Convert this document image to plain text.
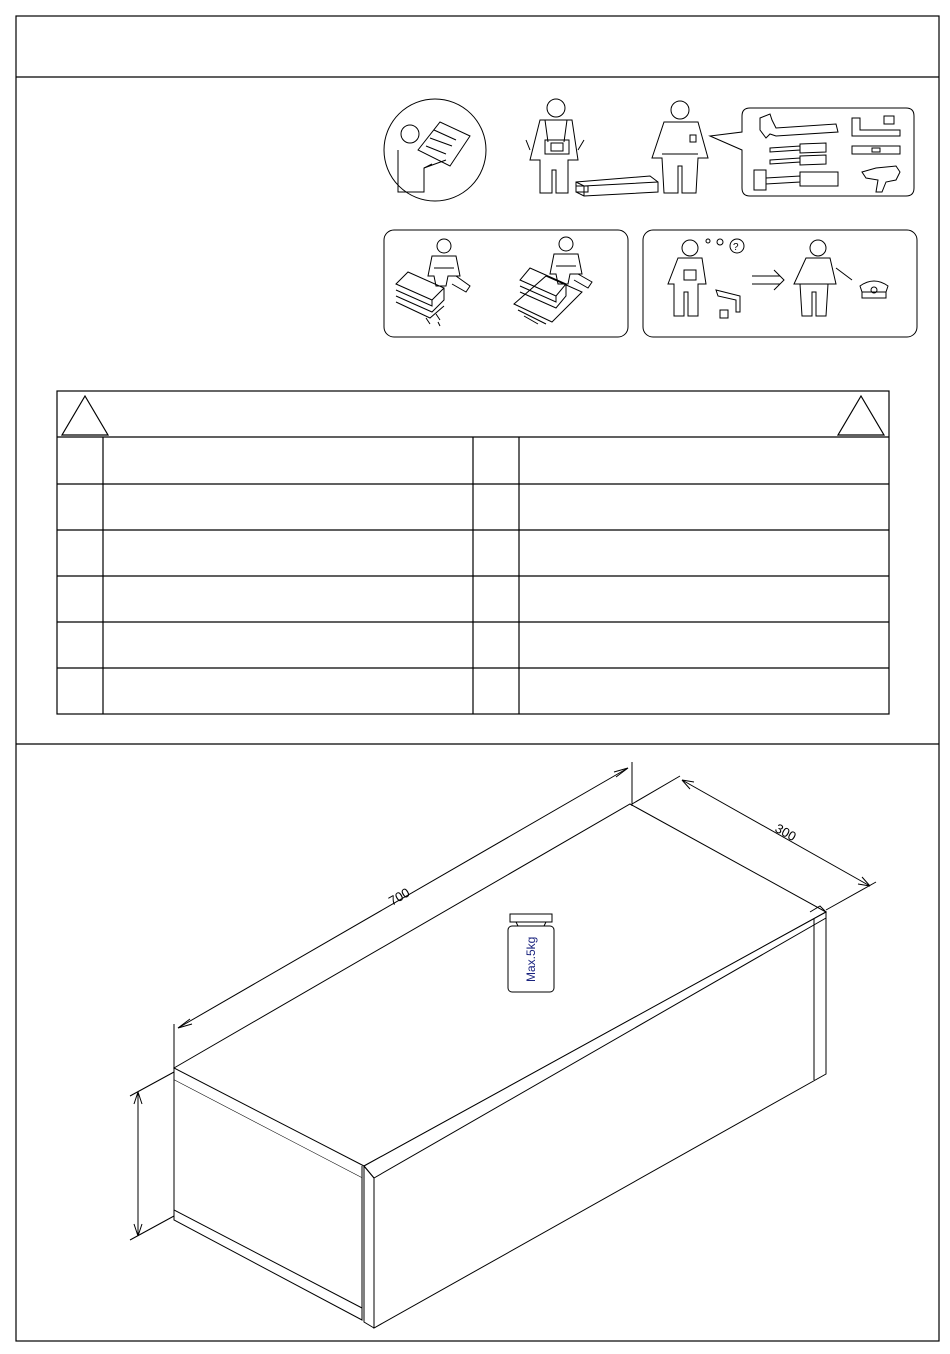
?
700
300
Max.5kg
